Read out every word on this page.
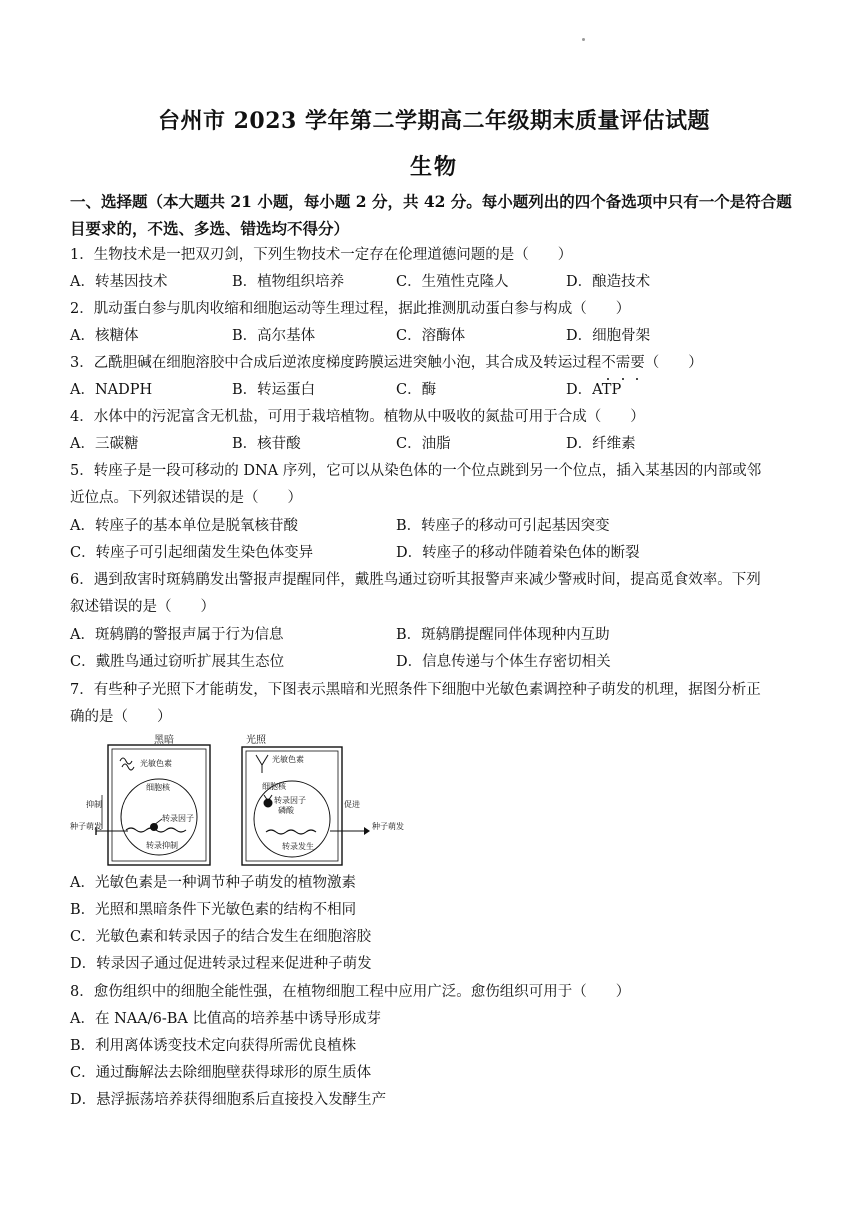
台州市 2023 学年第二学期高二年级期末质量评估试题
生物
一、选择题（本大题共 21 小题，每小题 2 分，共 42 分。每小题列出的四个备选项中只有一个是符合题目要求的，不选、多选、错选均不得分）
1．生物技术是一把双刃剑，下列生物技术一定存在伦理道德问题的是（　　）
A．转基因技术	B．植物组织培养	C．生殖性克隆人	D．酿造技术
2．肌动蛋白参与肌肉收缩和细胞运动等生理过程，据此推测肌动蛋白参与构成（　　）
A．核糖体	B．高尔基体	C．溶酶体	D．细胞骨架
3．乙酰胆碱在细胞溶胶中合成后逆浓度梯度跨膜运进突触小泡，其合成及转运过程不需要（　　）
A．NADPH	B．转运蛋白	C．酶	D．ATP
4．水体中的污泥富含无机盐，可用于栽培植物。植物从中吸收的氮盐可用于合成（　　）
A．三碳糖	B．核苷酸	C．油脂	D．纤维素
5．转座子是一段可移动的 DNA 序列，它可以从染色体的一个位点跳到另一个位点，插入某基因的内部或邻
近位点。下列叙述错误的是（　　）
A．转座子的基本单位是脱氧核苷酸	B．转座子的移动可引起基因突变
C．转座子可引起细菌发生染色体变异	D．转座子的移动伴随着染色体的断裂
6．遇到敌害时斑鸫鹛发出警报声提醒同伴，戴胜鸟通过窃听其报警声来减少警戒时间，提高觅食效率。下列
叙述错误的是（　　）
A．斑鸫鹛的警报声属于行为信息	B．斑鸫鹛提醒同伴体现种内互助
C．戴胜鸟通过窃听扩展其生态位	D．信息传递与个体生存密切相关
7．有些种子光照下才能萌发，下图表示黑暗和光照条件下细胞中光敏色素调控种子萌发的机理，据图分析正
确的是（　　）
黑暗
光敏色素
细胞核
转录因子
转录抑制
抑制
种子萌发
光照
光敏色素
细胞核
转录因子
磷酸
转录发生
促进
种子萌发
A．光敏色素是一种调节种子萌发的植物激素
B．光照和黑暗条件下光敏色素的结构不相同
C．光敏色素和转录因子的结合发生在细胞溶胶
D．转录因子通过促进转录过程来促进种子萌发
8．愈伤组织中的细胞全能性强，在植物细胞工程中应用广泛。愈伤组织可用于（　　）
A．在 NAA/6-BA 比值高的培养基中诱导形成芽
B．利用离体诱变技术定向获得所需优良植株
C．通过酶解法去除细胞壁获得球形的原生质体
D．悬浮振荡培养获得细胞系后直接投入发酵生产
